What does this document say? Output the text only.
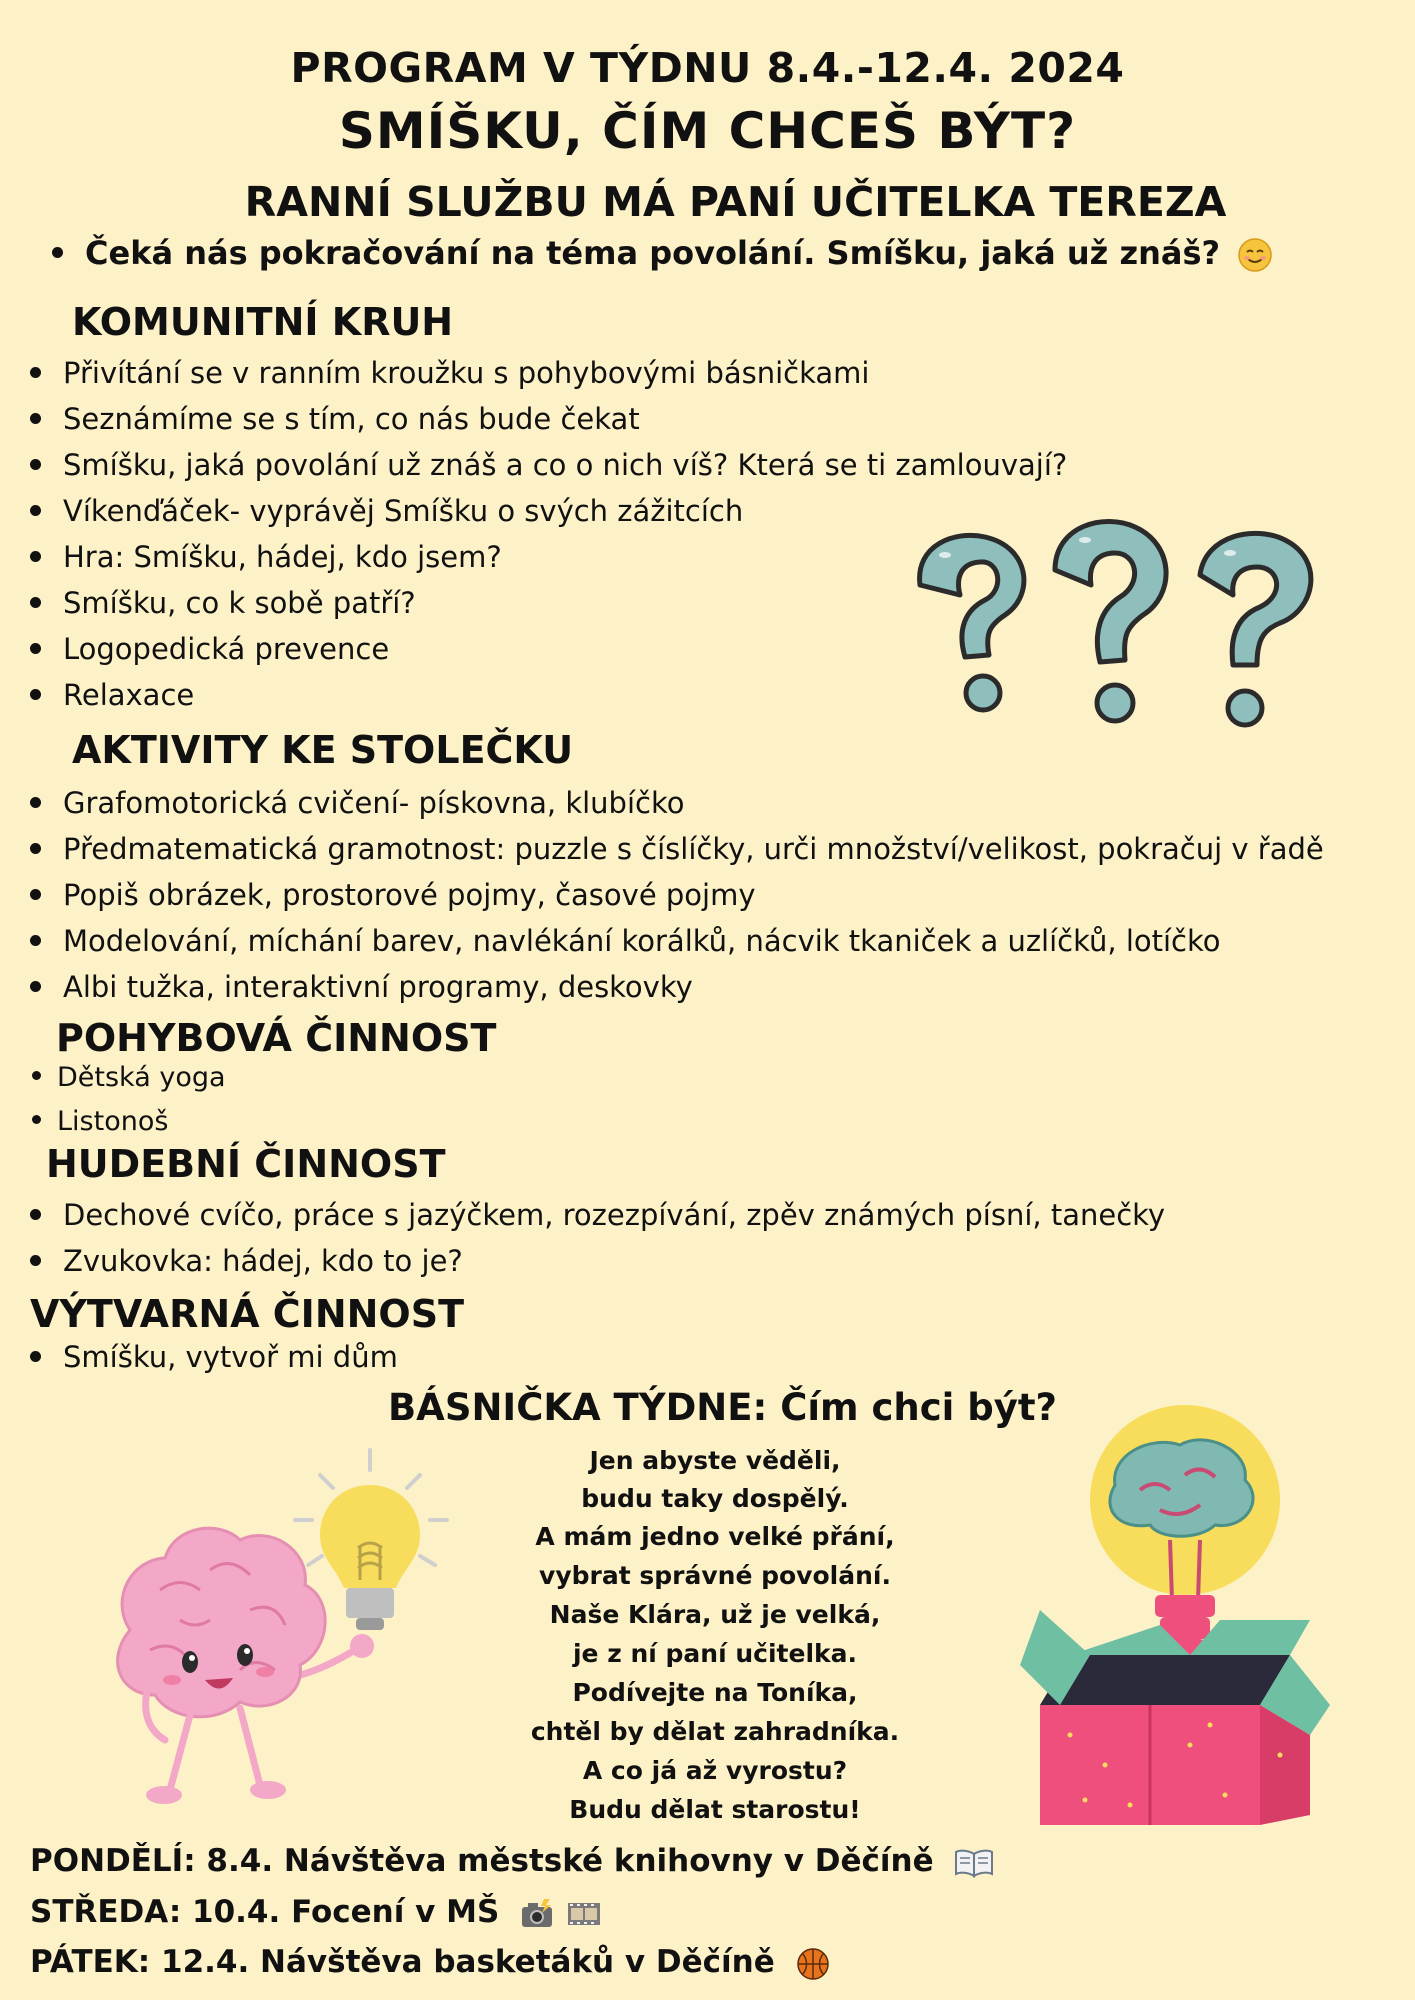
PROGRAM V TÝDNU 8.4.-12.4. 2024
SMÍŠKU, ČÍM CHCEŠ BÝT?
RANNÍ SLUŽBU MÁ PANÍ UČITELKA TEREZA
Čeká nás pokračování na téma povolání. Smíšku, jaká už znáš?
KOMUNITNÍ KRUH
Přivítání se v ranním kroužku s pohybovými básničkami
Seznámíme se s tím, co nás bude čekat
Smíšku, jaká povolání už znáš a co o nich víš? Která se ti zamlouvají?
Víkenďáček- vyprávěj Smíšku o svých zážitcích
Hra: Smíšku, hádej, kdo jsem?
Smíšku, co k sobě patří?
Logopedická prevence
Relaxace
AKTIVITY KE STOLEČKU
Grafomotorická cvičení- pískovna, klubíčko
Předmatematická gramotnost: puzzle s číslíčky, urči množství/velikost, pokračuj v řadě
Popiš obrázek, prostorové pojmy, časové pojmy
Modelování, míchání barev, navlékání korálků, nácvik tkaniček a uzlíčků, lotíčko
Albi tužka, interaktivní programy, deskovky
POHYBOVÁ ČINNOST
Dětská yoga
Listonoš
HUDEBNÍ ČINNOST
Dechové cvíčo, práce s jazýčkem, rozezpívání, zpěv známých písní, tanečky
Zvukovka: hádej, kdo to je?
VÝTVARNÁ ČINNOST
Smíšku, vytvoř mi dům
BÁSNIČKA TÝDNE: Čím chci být?
Jen abyste věděli,
budu taky dospělý.
A mám jedno velké přání,
vybrat správné povolání.
Naše Klára, už je velká,
je z ní paní učitelka.
Podívejte na Toníka,
chtěl by dělat zahradníka.
A co já až vyrostu?
Budu dělat starostu!
PONDĚLÍ: 8.4. Návštěva městské knihovny v Děčíně
STŘEDA: 10.4. Focení v MŠ

PÁTEK: 12.4. Návštěva basketáků v Děčíně
